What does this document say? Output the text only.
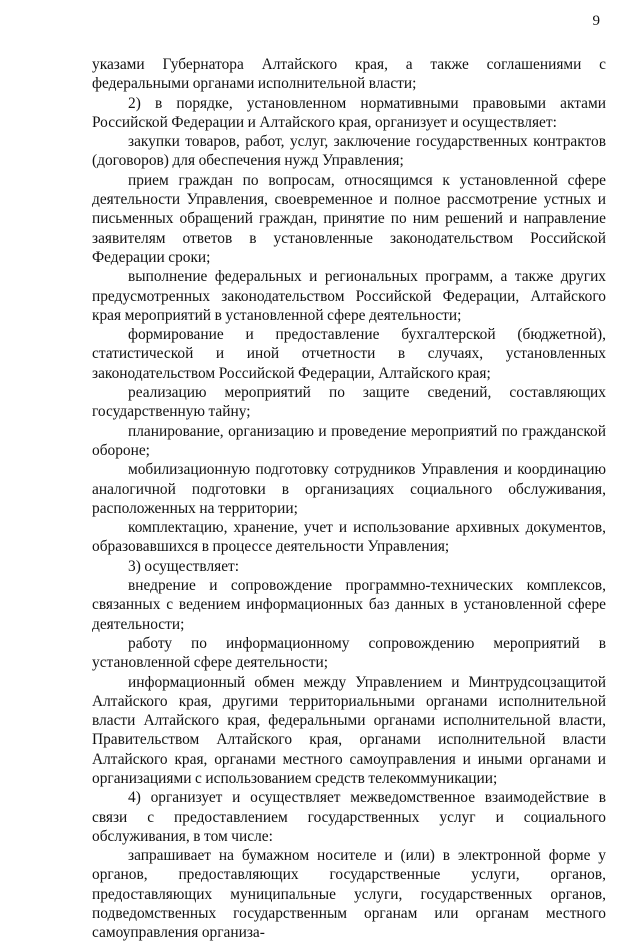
9

указами Губернатора Алтайского края, а также соглашениями с федеральными органами исполнительной власти;

2) в порядке, установленном нормативными правовыми актами Российской Федерации и Алтайского края, организует и осуществляет:

закупки товаров, работ, услуг, заключение государственных контрактов (договоров) для обеспечения нужд Управления;

прием граждан по вопросам, относящимся к установленной сфере деятельности Управления, своевременное и полное рассмотрение устных и письменных обращений граждан, принятие по ним решений и направление заявителям ответов в установленные законодательством Российской Федерации сроки;

выполнение федеральных и региональных программ, а также других предусмотренных законодательством Российской Федерации, Алтайского края мероприятий в установленной сфере деятельности;

формирование и предоставление бухгалтерской (бюджетной), статистической и иной отчетности в случаях, установленных законодательством Российской Федерации, Алтайского края;

реализацию мероприятий по защите сведений, составляющих государственную тайну;

планирование, организацию и проведение мероприятий по гражданской обороне;

мобилизационную подготовку сотрудников Управления и координацию аналогичной подготовки в организациях социального обслуживания, расположенных на территории;

комплектацию, хранение, учет и использование архивных документов, образовавшихся в процессе деятельности Управления;

3) осуществляет:

внедрение и сопровождение программно-технических комплексов, связанных с ведением информационных баз данных в установленной сфере деятельности;

работу по информационному сопровождению мероприятий в установленной сфере деятельности;

информационный обмен между Управлением и Минтрудсоцзащитой Алтайского края, другими территориальными органами исполнительной власти Алтайского края, федеральными органами исполнительной власти, Правительством Алтайского края, органами исполнительной власти Алтайского края, органами местного самоуправления и иными органами и организациями с использованием средств телекоммуникации;

4) организует и осуществляет межведомственное взаимодействие в связи с предоставлением государственных услуг и социального обслуживания, в том числе:

запрашивает на бумажном носителе и (или) в электронной форме у органов, предоставляющих государственные услуги, органов, предоставляющих муниципальные услуги, государственных органов, подведомственных государственным органам или органам местного самоуправления организа-
